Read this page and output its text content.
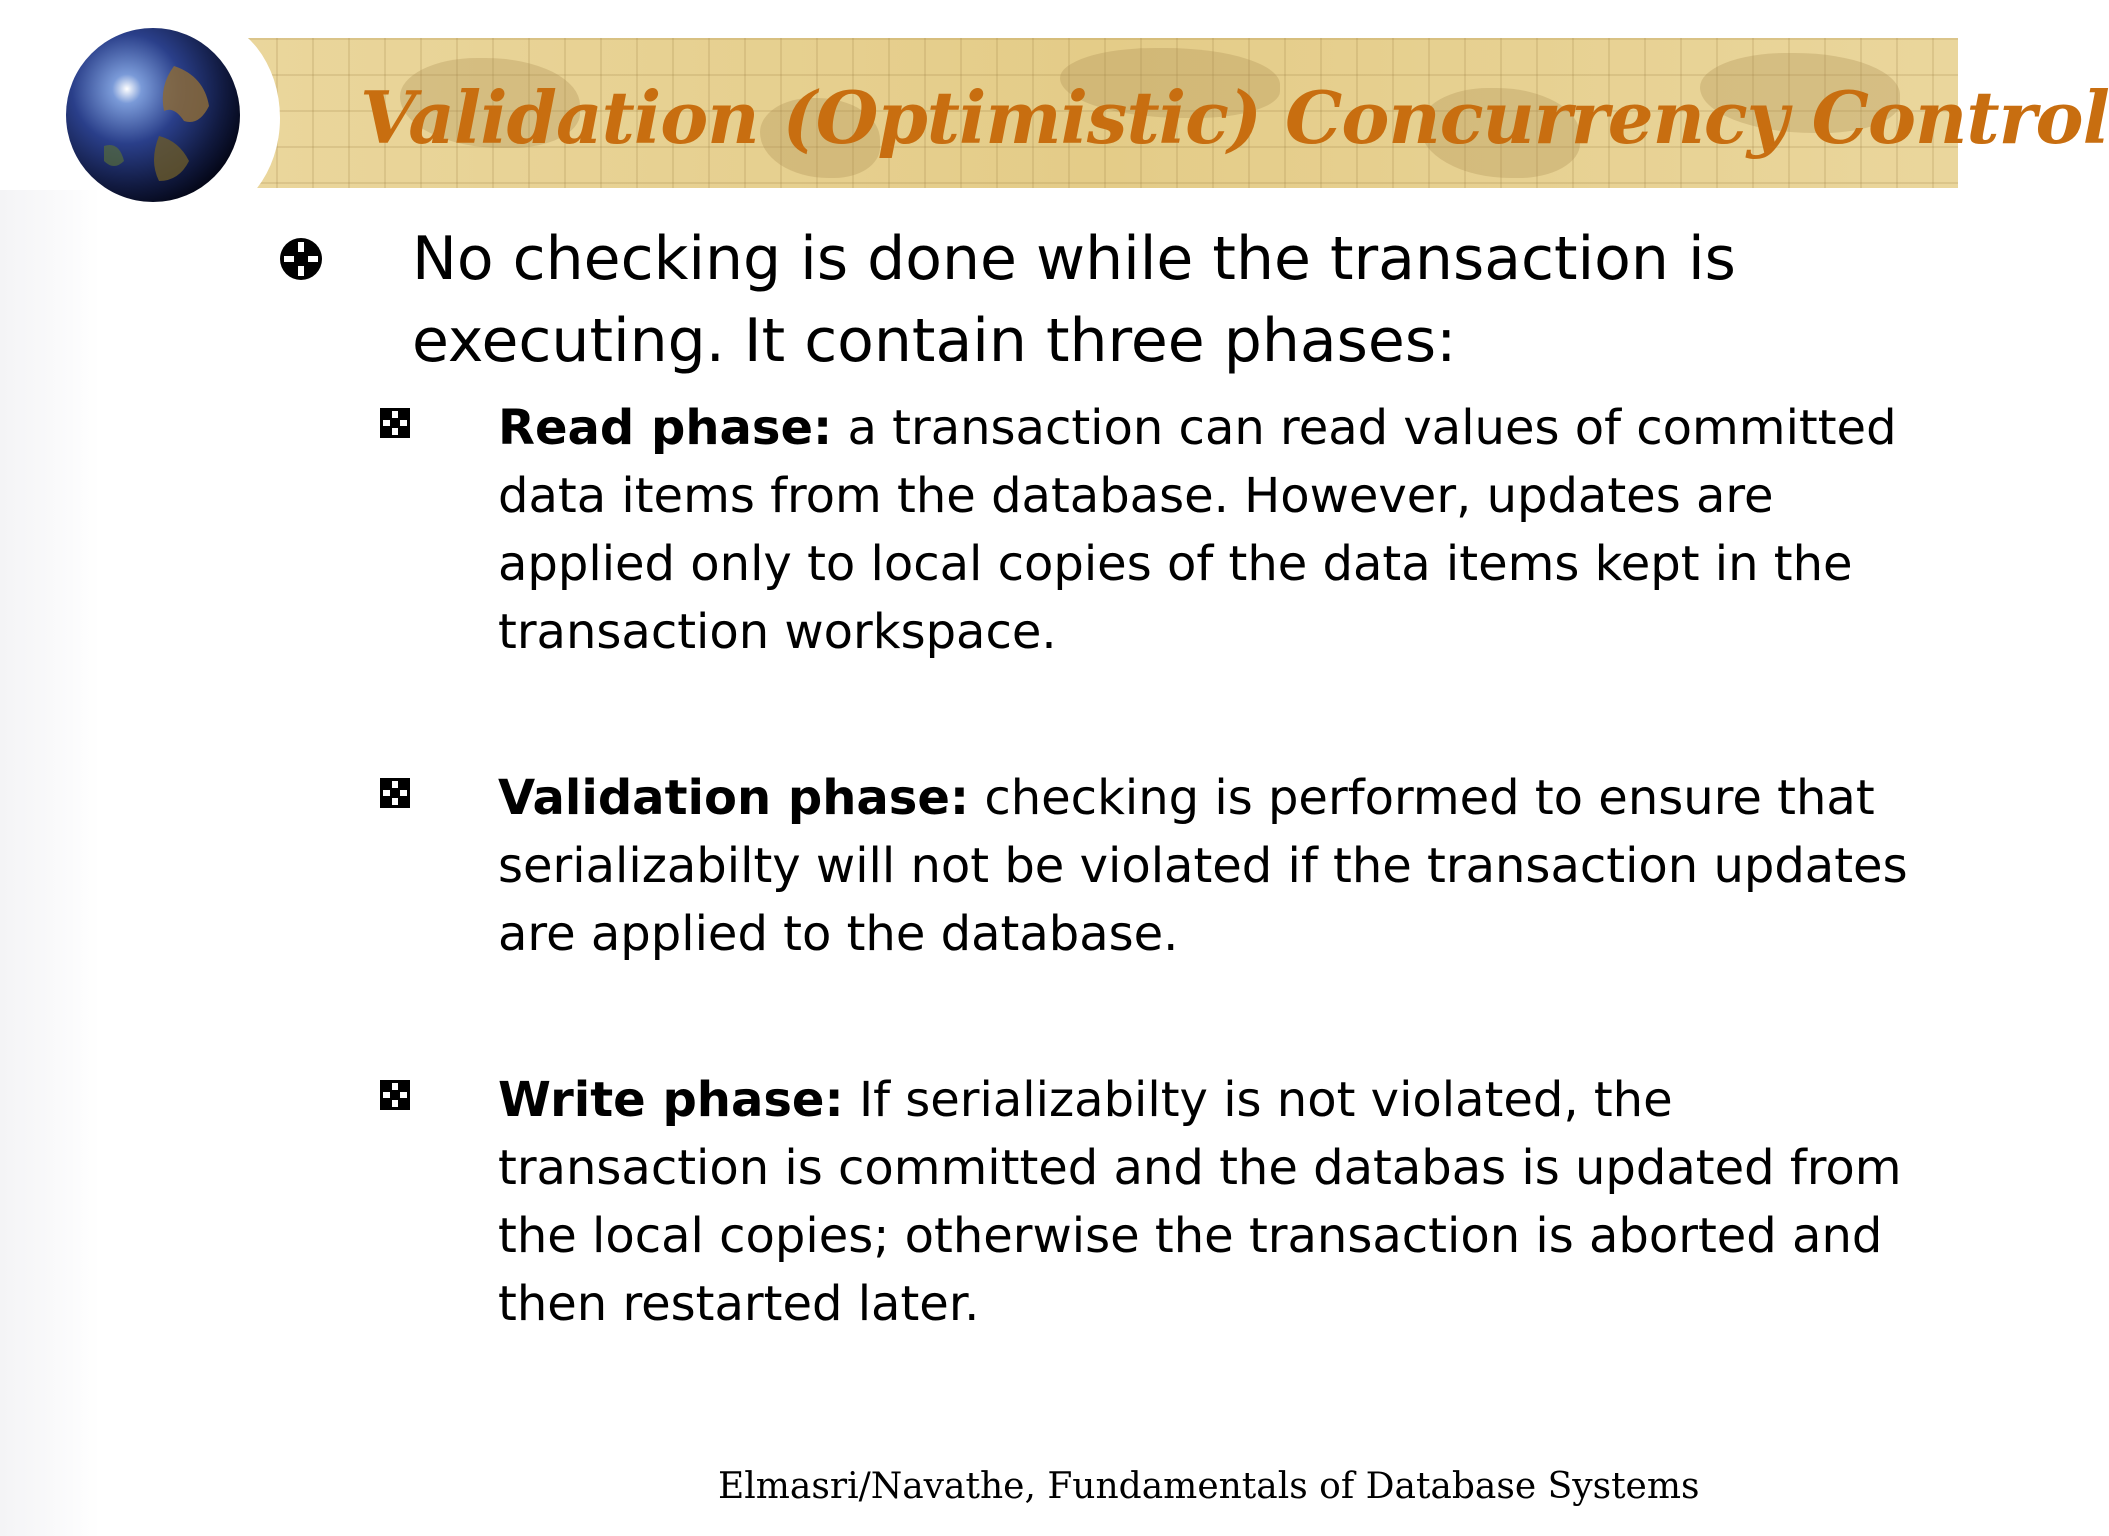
Validation (Optimistic) Concurrency Control
No checking is done while the transaction is executing. It contain three phases:
Read phase: a transaction can read values of committed data items from the database. However, updates are applied only to local copies of the data items kept in the transaction workspace.
Validation phase: checking is performed to ensure that serializabilty will not be violated if the transaction updates are applied to the database.
Write phase: If serializabilty is not violated, the transaction is committed and the databas is updated from the local copies; otherwise the transaction is aborted and then restarted later.
Elmasri/Navathe, Fundamentals of Database Systems
